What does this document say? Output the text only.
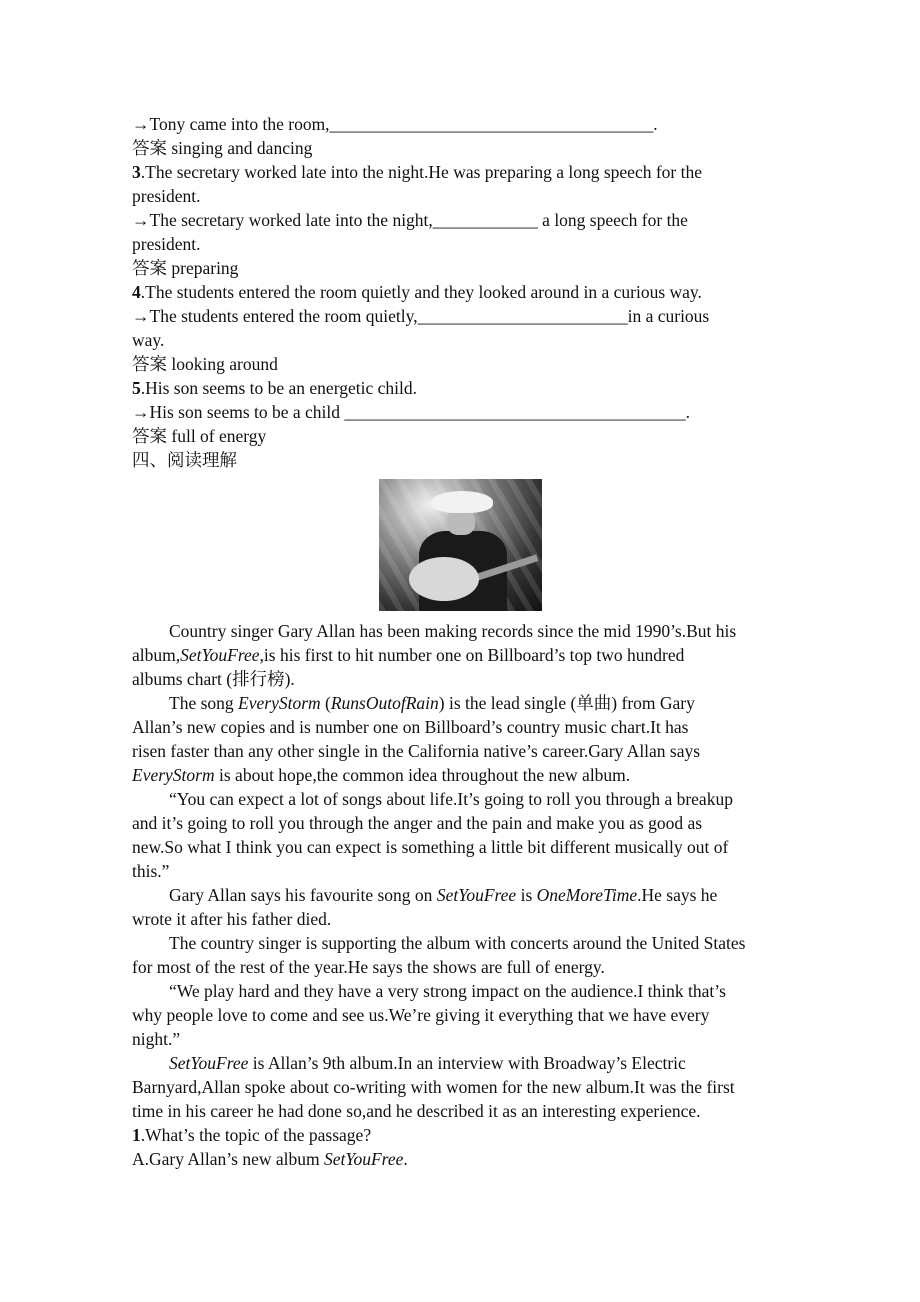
→Tony came into the room,_____________________________________.
答案 singing and dancing
3.The secretary worked late into the night.He was preparing a long speech for the
president.
→The secretary worked late into the night,____________ a long speech for the
president.
答案 preparing
4.The students entered the room quietly and they looked around in a curious way.
→The students entered the room quietly,________________________in a curious
way.
答案 looking around
5.His son seems to be an energetic child.
→His son seems to be a child _______________________________________.
答案 full of energy
四、阅读理解
Country singer Gary Allan has been making records since the mid 1990’s.But his
album,SetYouFree,is his first to hit number one on Billboard’s top two hundred
albums chart (排行榜).
The song EveryStorm (RunsOutofRain) is the lead single (单曲) from Gary
Allan’s new copies and is number one on Billboard’s country music chart.It has
risen faster than any other single in the California native’s career.Gary Allan says
EveryStorm is about hope,the common idea throughout the new album.
“You can expect a lot of songs about life.It’s going to roll you through a breakup
and it’s going to roll you through the anger and the pain and make you as good as
new.So what I think you can expect is something a little bit different musically out of
this.”
Gary Allan says his favourite song on SetYouFree is OneMoreTime.He says he
wrote it after his father died.
The country singer is supporting the album with concerts around the United States
for most of the rest of the year.He says the shows are full of energy.
“We play hard and they have a very strong impact on the audience.I think that’s
why people love to come and see us.We’re giving it everything that we have every
night.”
SetYouFree is Allan’s 9th album.In an interview with Broadway’s Electric
Barnyard,Allan spoke about co-writing with women for the new album.It was the first
time in his career he had done so,and he described it as an interesting experience.
1.What’s the topic of the passage?
A.Gary Allan’s new album SetYouFree.
